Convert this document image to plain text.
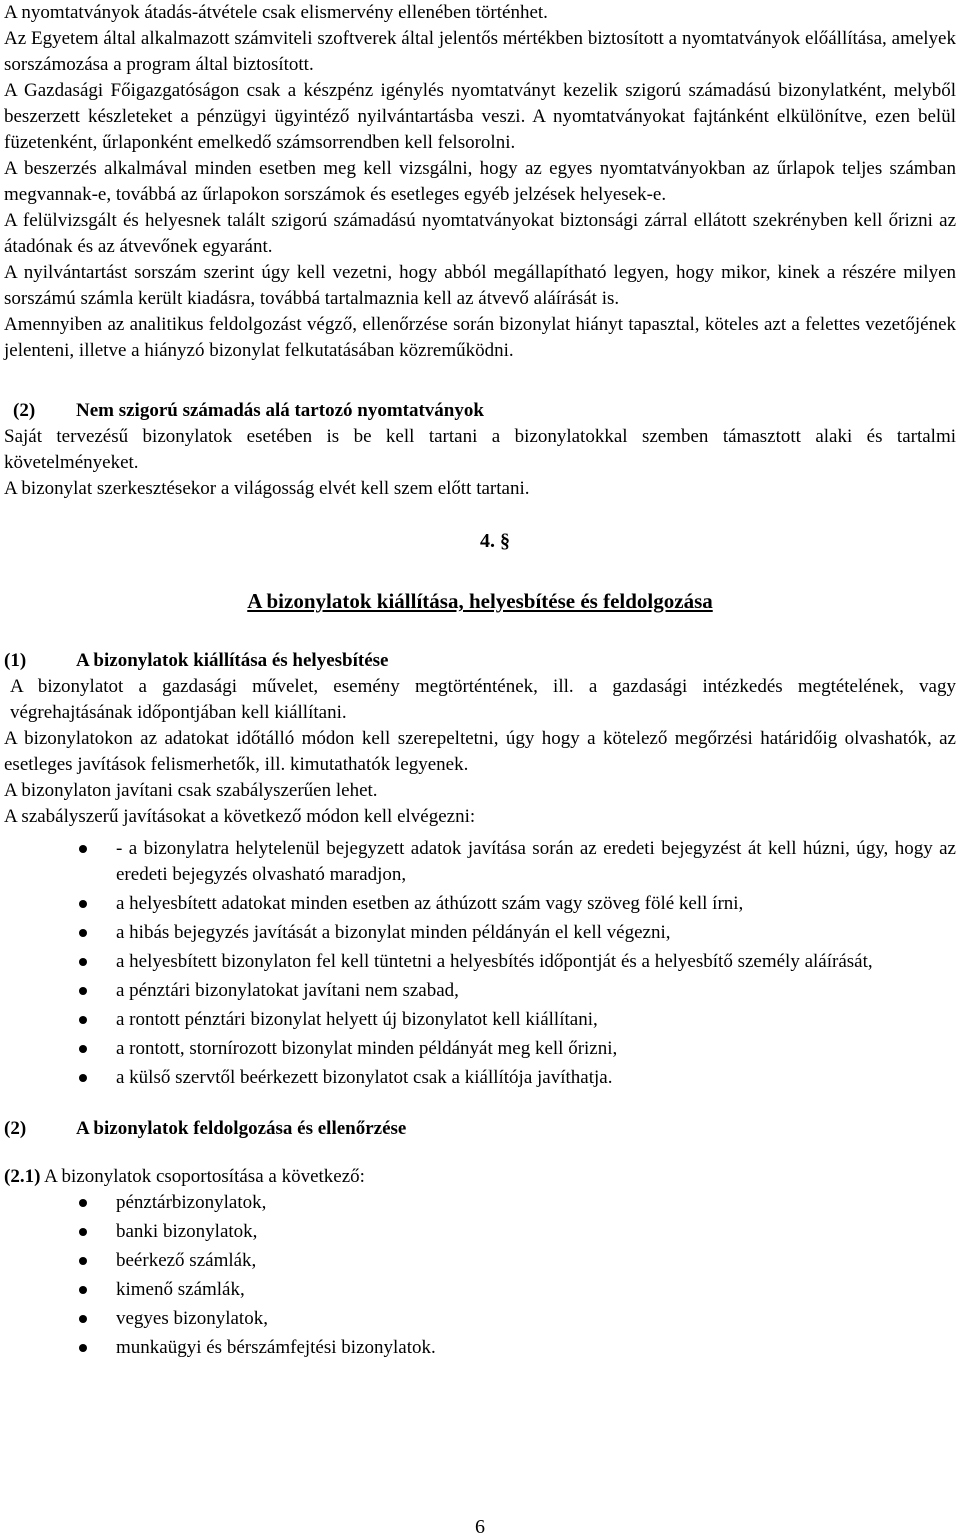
A nyomtatványok átadás-átvétele csak elismervény ellenében történhet.

Az Egyetem által alkalmazott számviteli szoftverek által jelentős mértékben biztosított a nyomtatványok előállítása, amelyek sorszámozása a program által biztosított.

A Gazdasági Főigazgatóságon csak a készpénz igénylés nyomtatványt kezelik szigorú számadású bizonylatként, melyből beszerzett készleteket a pénzügyi ügyintéző nyilvántartásba veszi. A nyomtatványokat fajtánként elkülönítve, ezen belül füzetenként, űrlaponként emelkedő számsorrendben kell felsorolni.

A beszerzés alkalmával minden esetben meg kell vizsgálni, hogy az egyes nyomtatványokban az űrlapok teljes számban megvannak-e, továbbá az űrlapokon sorszámok és esetleges egyéb jelzések helyesek-e.

A felülvizsgált és helyesnek talált szigorú számadású nyomtatványokat biztonsági zárral ellátott szekrényben kell őrizni az átadónak és az átvevőnek egyaránt.

A nyilvántartást sorszám szerint úgy kell vezetni, hogy abból megállapítható legyen, hogy mikor, kinek a részére milyen sorszámú számla került kiadásra, továbbá tartalmaznia kell az átvevő aláírását is.

Amennyiben az analitikus feldolgozást végző, ellenőrzése során bizonylat hiányt tapasztal, köteles azt a felettes vezetőjének jelenteni, illetve a hiányzó bizonylat felkutatásában közreműködni.

(2)	Nem szigorú számadás alá tartozó nyomtatványok

Saját tervezésű bizonylatok esetében is be kell tartani a bizonylatokkal szemben támasztott alaki és tartalmi követelményeket.

A bizonylat szerkesztésekor a világosság elvét kell szem előtt tartani.

4. §

A bizonylatok kiállítása, helyesbítése és feldolgozása

(1)	A bizonylatok kiállítása és helyesbítése

A bizonylatot a gazdasági művelet, esemény megtörténtének, ill. a gazdasági intézkedés megtételének, vagy végrehajtásának időpontjában kell kiállítani.

A bizonylatokon az adatokat időtálló módon kell szerepeltetni, úgy hogy a kötelező megőrzési határidőig olvashatók, az esetleges javítások felismerhetők, ill. kimutathatók legyenek.

A bizonylaton javítani csak szabályszerűen lehet.

A szabályszerű javításokat a következő módon kell elvégezni:

- a bizonylatra helytelenül bejegyzett adatok javítása során az eredeti bejegyzést át kell húzni, úgy, hogy az eredeti bejegyzés olvasható maradjon,
a helyesbített adatokat minden esetben az áthúzott szám vagy szöveg fölé kell írni,
a hibás bejegyzés javítását a bizonylat minden példányán el kell végezni,
a helyesbített bizonylaton fel kell tüntetni a helyesbítés időpontját és a helyesbítő személy aláírását,
a pénztári bizonylatokat javítani nem szabad,
a rontott pénztári bizonylat helyett új bizonylatot kell kiállítani,
a rontott, stornírozott bizonylat minden példányát meg kell őrizni,
a külső szervtől beérkezett bizonylatot csak a kiállítója javíthatja.
(2)	A bizonylatok feldolgozása és ellenőrzése

(2.1) A bizonylatok csoportosítása a következő:

pénztárbizonylatok,
banki bizonylatok,
beérkező számlák,
kimenő számlák,
vegyes bizonylatok,
munkaügyi és bérszámfejtési bizonylatok.
6
